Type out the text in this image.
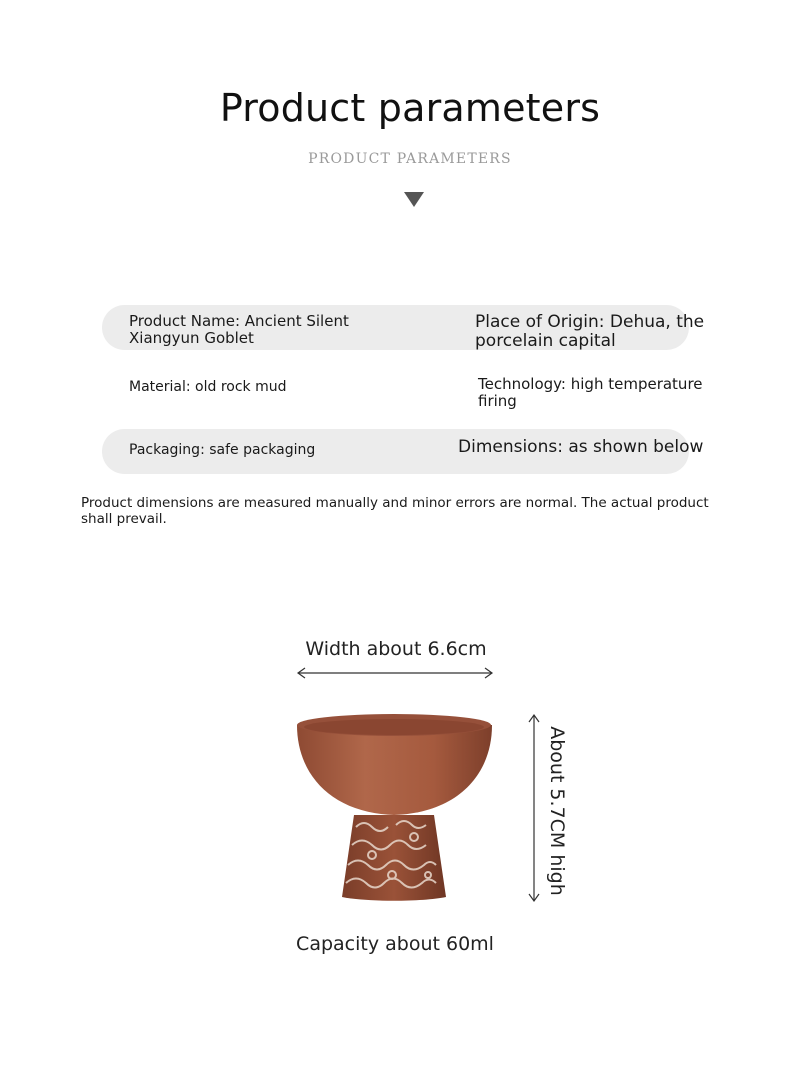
Product parameters
PRODUCT PARAMETERS
Product Name: Ancient Silent Xiangyun Goblet
Place of Origin: Dehua, the porcelain capital
Material: old rock mud	Technology: high temperature firing
Packaging: safe packaging	Dimensions: as shown below
Product dimensions are measured manually and minor errors are normal. The actual product shall prevail.
Width about 6.6cm
About 5.7CM high
Capacity about 60ml
